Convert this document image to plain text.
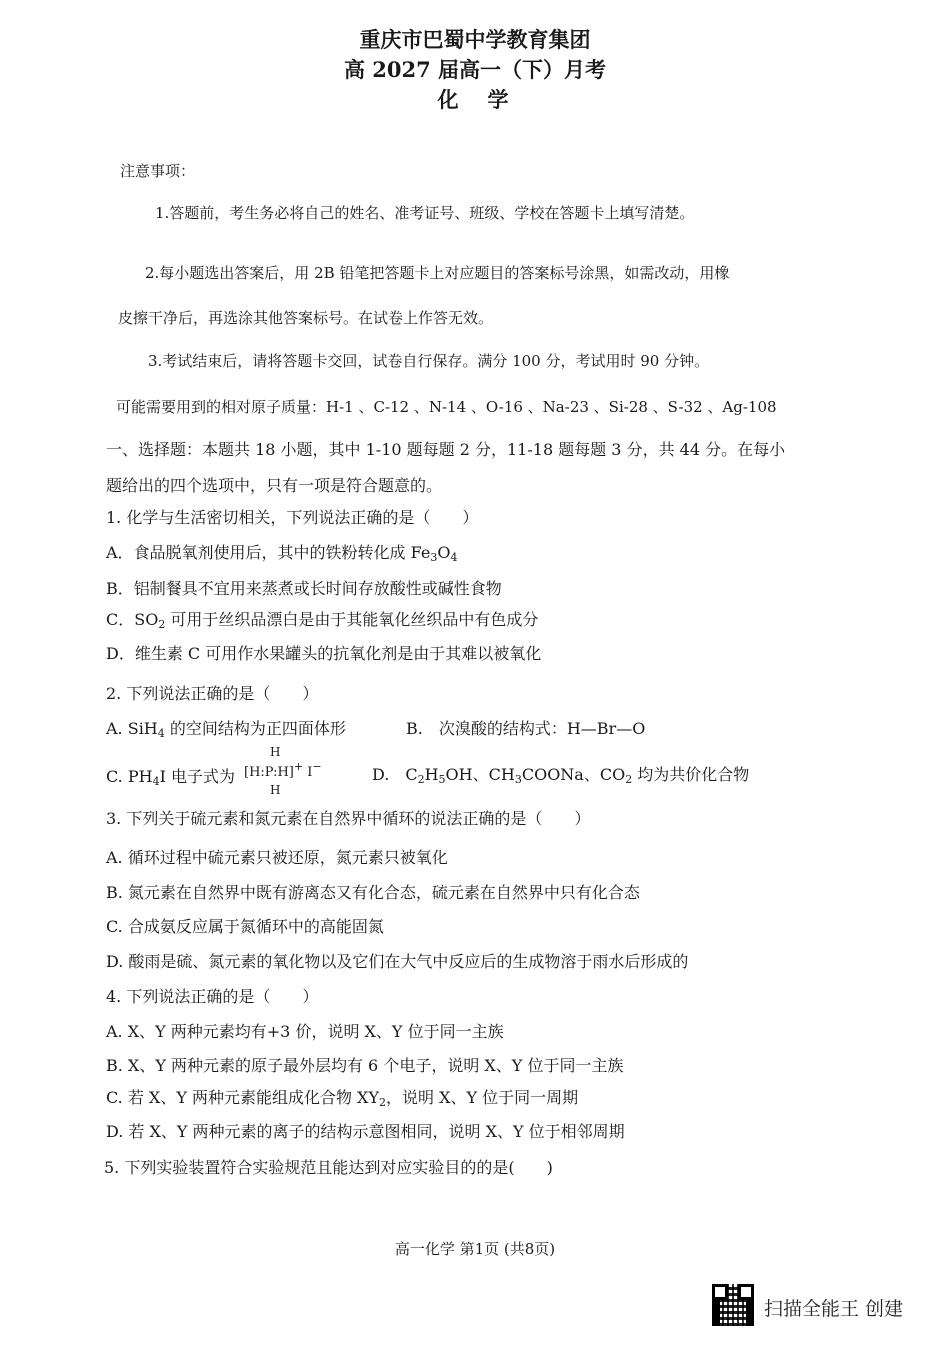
重庆市巴蜀中学教育集团
高 2027 届高一（下）月考
化　学
注意事项：
1.答题前，考生务必将自己的姓名、准考证号、班级、学校在答题卡上填写清楚。
2.每小题选出答案后，用 2B 铅笔把答题卡上对应题目的答案标号涂黑，如需改动，用橡
皮擦干净后，再选涂其他答案标号。在试卷上作答无效。
3.考试结束后，请将答题卡交回，试卷自行保存。满分 100 分，考试用时 90 分钟。
可能需要用到的相对原子质量：H-1 、C-12 、N-14 、O-16 、Na-23 、Si-28 、S-32 、Ag-108
一、选择题：本题共 18 小题，其中 1-10 题每题 2 分，11-18 题每题 3 分，共 44 分。在每小
题给出的四个选项中，只有一项是符合题意的。
1. 化学与生活密切相关，下列说法正确的是（　　）
A．食品脱氧剂使用后，其中的铁粉转化成 $Fe_3O_4$
B．铝制餐具不宜用来蒸煮或长时间存放酸性或碱性食物
C．$SO_2$ 可用于丝织品漂白是由于其能氧化丝织品中有色成分
D．维生素 C 可用作水果罐头的抗氧化剂是由于其难以被氧化
2. 下列说法正确的是（　　）
A. SiH$_4$ 的空间结构为正四面体形	B.　次溴酸的结构式：H—Br—O
C. $PH_4I$ 电子式为
H
[H:P:H]+ I−
H
D.　$C_2H_5OH$、$CH_3COONa$、$CO_2$ 均为共价化合物
3. 下列关于硫元素和氮元素在自然界中循环的说法正确的是（　　）
A. 循环过程中硫元素只被还原，氮元素只被氧化
B. 氮元素在自然界中既有游离态又有化合态，硫元素在自然界中只有化合态
C. 合成氨反应属于氮循环中的高能固氮
D. 酸雨是硫、氮元素的氧化物以及它们在大气中反应后的生成物溶于雨水后形成的
4. 下列说法正确的是（　　）
A. X、Y 两种元素均有+3 价，说明 X、Y 位于同一主族
B. X、Y 两种元素的原子最外层均有 6 个电子，说明 X、Y 位于同一主族
C. 若 X、Y 两种元素能组成化合物 $XY_2$，说明 X、Y 位于同一周期
D. 若 X、Y 两种元素的离子的结构示意图相同，说明 X、Y 位于相邻周期
5. 下列实验装置符合实验规范且能达到对应实验目的的是(　　)
高一化学 第1页 (共8页)
扫描全能王 创建
